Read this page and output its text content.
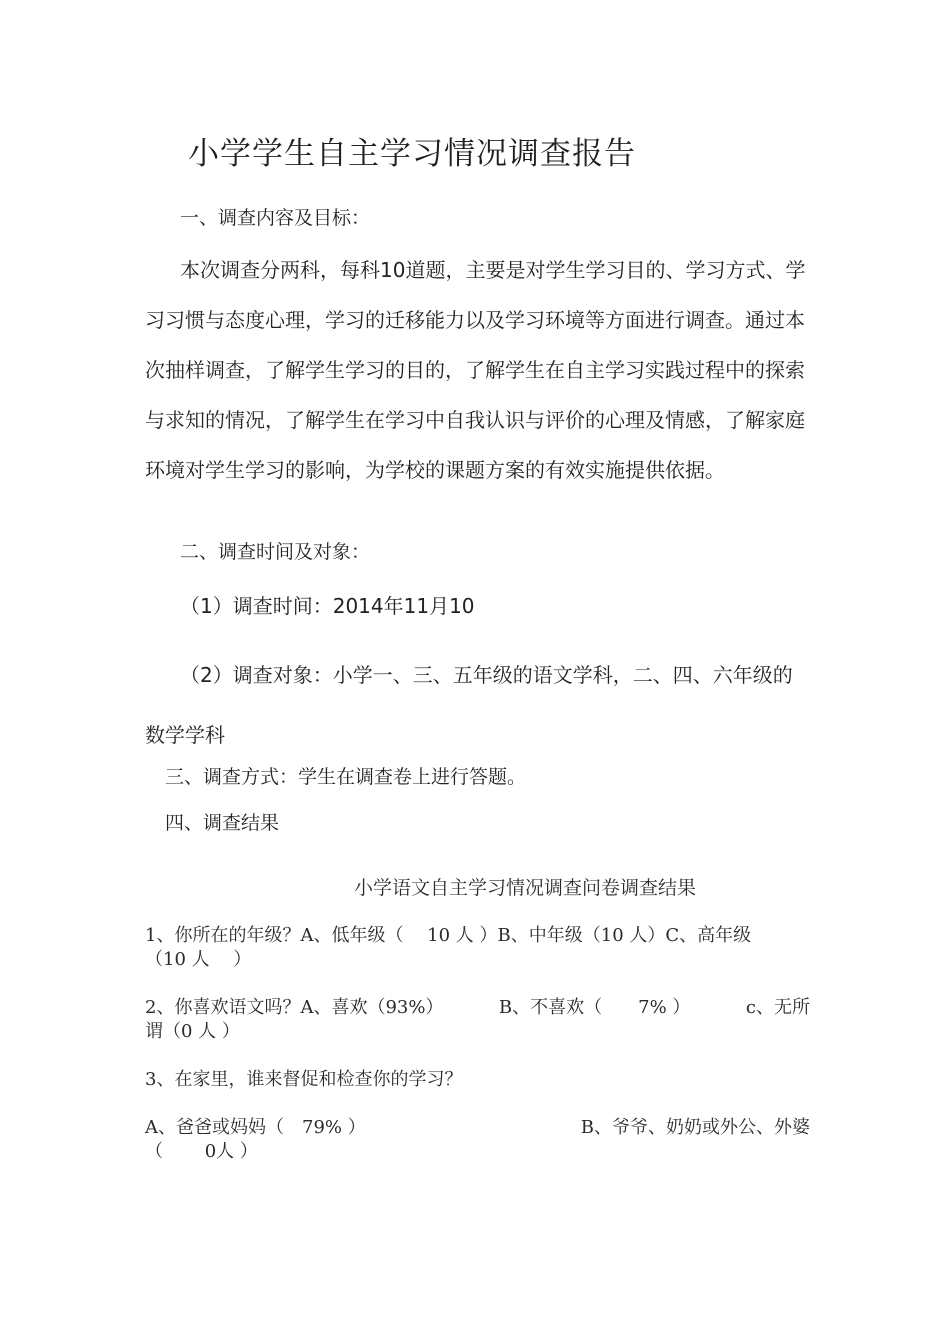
小学学生自主学习情况调查报告
一、调查内容及目标：
本次调查分两科，每科10道题，主要是对学生学习目的、学习方式、学习习惯与态度心理，学习的迁移能力以及学习环境等方面进行调查。通过本次抽样调查，了解学生学习的目的，了解学生在自主学习实践过程中的探索与求知的情况，了解学生在学习中自我认识与评价的心理及情感，了解家庭环境对学生学习的影响，为学校的课题方案的有效实施提供依据。
二、调查时间及对象：
（1）调查时间：2014年11月10
（2）调查对象：小学一、三、五年级的语文学科，二、四、六年级的数学学科
三、调查方式：学生在调查卷上进行答题。
四、调查结果
小学语文自主学习情况调查问卷调查结果
1、你所在的年级？A、低年级（　 10 人 ）B、中年级（10 人）C、高年级
（10 人　 ）
2、你喜欢语文吗？A、喜欢（93%）	B、不喜欢（　　7% ）	c、无所
谓（0 人 ）
3、在家里，谁来督促和检查你的学习？
A、爸爸或妈妈（　79% ）	B、爷爷、奶奶或外公、外婆
（　　 0人 ）
